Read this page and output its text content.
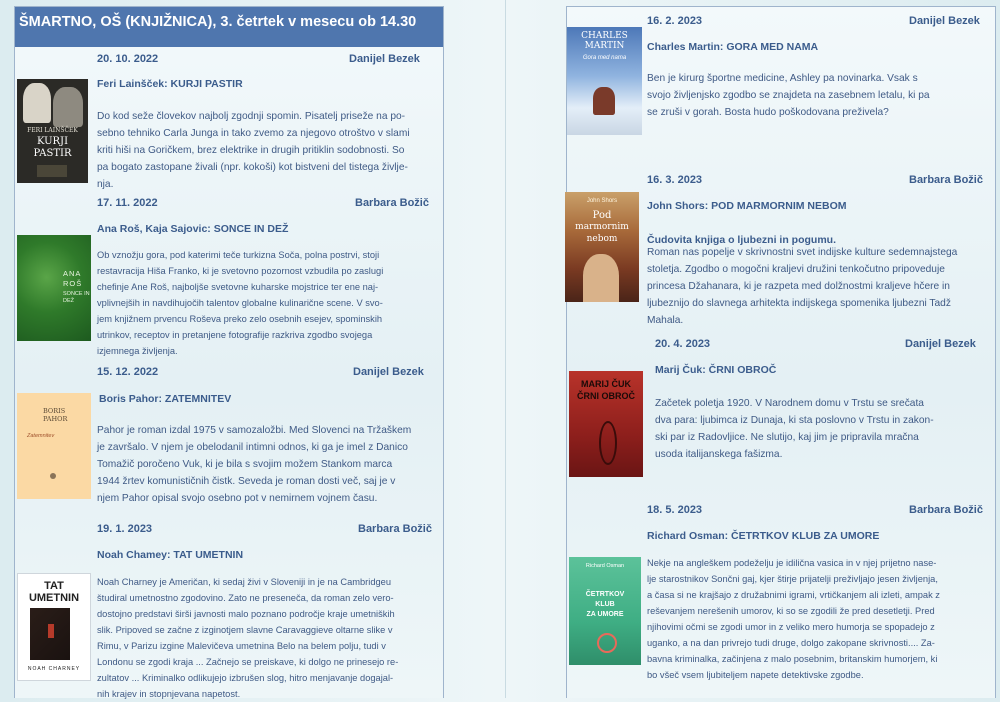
ŠMARTNO, OŠ (KNJIŽNICA), 3. četrtek v mesecu ob 14.30
20. 10. 2022	Danijel Bezek
FERI LAINŠČEK
KURJI
PASTIR
Feri Lainšček: KURJI PASTIR
Do kod seže človekov najbolj zgodnji spomin. Pisatelj priseže na po-
sebno tehniko Carla Junga in tako zvemo za njegovo otroštvo v slami
kriti hiši na Goričkem, brez elektrike in drugih pritiklin sodobnosti. So
pa bogato zastopane živali (npr. kokoši) kot bistveni del tistega življe-
nja.
17. 11. 2022	Barbara Božič
ANA
ROŠ
SONCE IN
DEŽ
Ana Roš, Kaja Sajovic: SONCE IN DEŽ
Ob vznožju gora, pod katerimi teče turkizna Soča, polna postrvi, stoji
restavracija Hiša Franko, ki je svetovno pozornost vzbudila po zaslugi
chefinje Ane Roš, najboljše svetovne kuharske mojstrice ter ene naj-
vplivnejših in navdihujočih talentov globalne kulinarične scene. V svo-
jem knjižnem prvencu Roševa preko zelo osebnih esejev, spominskih
utrinkov, receptov in pretanjene fotografije razkriva zgodbo svojega
izjemnega življenja.
15. 12. 2022	Danijel Bezek
BORIS
PAHOR
Zatemnitev
Boris Pahor: ZATEMNITEV
Pahor je roman izdal 1975 v samozaložbi. Med Slovenci na Tržaškem
je završalo. V njem je obelodanil intimni odnos, ki ga je imel z Danico
Tomažič poročeno Vuk, ki je bila s svojim možem Stankom marca
1944 žrtev komunističnih čistk. Seveda je roman dosti več, saj je v
njem Pahor opisal svojo osebno pot v nemirnem vojnem času.
19. 1. 2023	Barbara Božič
TAT
UMETNIN
NOAH CHARNEY
Noah Chamey: TAT UMETNIN
Noah Charney je Američan, ki sedaj živi v Sloveniji in je na Cambridgeu
študiral umetnostno zgodovino. Zato ne preseneča, da roman zelo vero-
dostojno predstavi širši javnosti malo poznano področje kraje umetniških
slik. Pripoved se začne z izginotjem slavne Caravaggieve oltarne slike v
Rimu, v Parizu izgine Malevičeva umetnina Belo na belem polju, tudi v
Londonu se zgodi kraja ... Začnejo se preiskave, ki dolgo ne prinesejo re-
zultatov ... Kriminalko odlikujejo izbrušen slog, hitro menjavanje dogajal-
nih krajev in stopnjevana napetost.
16. 2. 2023	Danijel Bezek
CHARLES
MARTIN
Gora med nama
Charles Martin: GORA MED NAMA
Ben je kirurg športne medicine, Ashley pa novinarka. Vsak s
svojo življenjsko zgodbo se znajdeta na zasebnem letalu, ki pa
se zruši v gorah. Bosta hudo poškodovana preživela?
16. 3. 2023	Barbara Božič
John Shors
Pod
marmornim
nebom
John Shors: POD MARMORNIM NEBOM
Čudovita knjiga o ljubezni in pogumu.
Roman nas popelje v skrivnostni svet indijske kulture sedemnajstega
stoletja. Zgodbo o mogočni kraljevi družini tenkočutno pripoveduje
princesa Džahanara, ki je razpeta med dolžnostmi kraljeve hčere in
ljubeznijo do slavnega arhitekta indijskega spomenika ljubezni Tadž
Mahala.
20. 4. 2023	Danijel Bezek
MARIJ ČUK
ČRNI OBROČ
Marij Čuk: ČRNI OBROČ
Začetek poletja 1920. V Narodnem domu v Trstu se srečata
dva para: ljubimca iz Dunaja, ki sta poslovno v Trstu in zakon-
ski par iz Radovljice. Ne slutijo, kaj jim je pripravila mračna
usoda italijanskega fašizma.
18. 5. 2023	Barbara Božič
Richard Osman
ČETRTKOV
KLUB
ZA UMORE
Richard Osman: ČETRTKOV KLUB ZA UMORE
Nekje na angleškem podeželju je idilična vasica in v njej prijetno nase-
lje starostnikov Sončni gaj, kjer štirje prijatelji preživljajo jesen življenja,
a časa si ne krajšajo z družabnimi igrami, vrtičkanjem ali izleti, ampak z
reševanjem nerešenih umorov, ki so se zgodili že pred desetletji. Pred
njihovimi očmi se zgodi umor in z veliko mero humorja se spopadejo z
uganko, a na dan privrejo tudi druge, dolgo zakopane skrivnosti.... Za-
bavna kriminalka, začinjena z malo posebnim, britanskim humorjem, ki
bo všeč vsem ljubiteljem napete detektivske zgodbe.
